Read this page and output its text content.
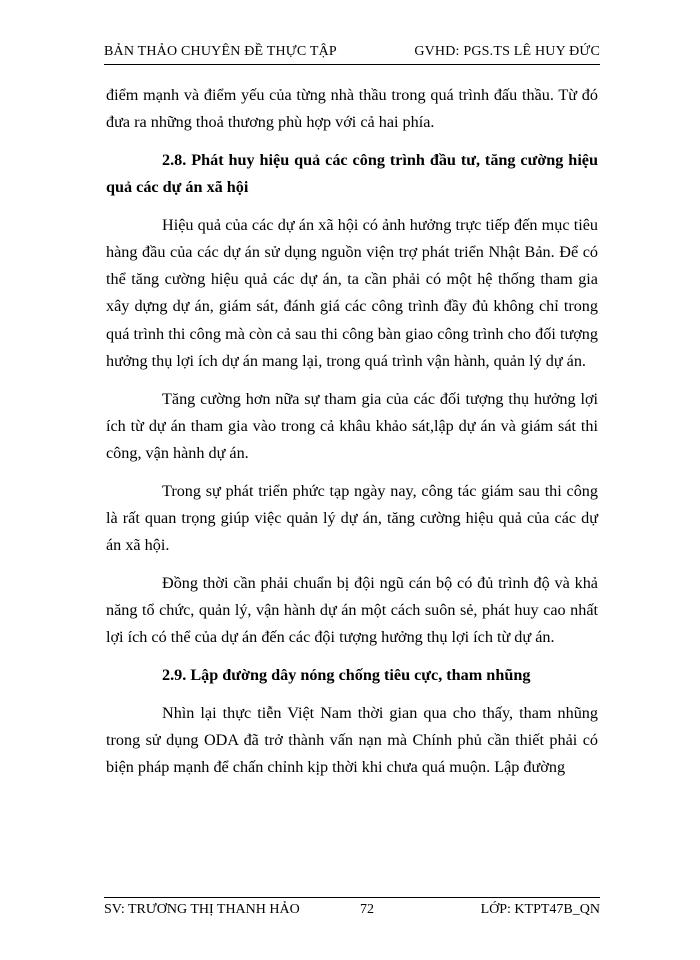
BẢN THẢO CHUYÊN ĐỀ THỰC TẬP	GVHD: PGS.TS LÊ HUY ĐỨC

điểm mạnh và điểm yếu của từng nhà thầu trong quá trình đấu thầu. Từ đó đưa ra những thoả thương phù hợp với cả hai phía.

2.8. Phát huy hiệu quả các công trình đầu tư, tăng cường hiệu quả các dự án xã hội

Hiệu quả của các dự án xã hội có ảnh hưởng trực tiếp đến mục tiêu hàng đầu của các dự án sử dụng nguồn viện trợ phát triển Nhật Bản. Để có thể tăng cường hiệu quả các dự án, ta cần phải có một hệ thống tham gia xây dựng dự án, giám sát, đánh giá các công trình đầy đủ không chỉ trong quá trình thi công mà còn cả sau thi công bàn giao công trình cho đối tượng hưởng thụ lợi ích dự án mang lại, trong quá trình vận hành, quản lý dự án.

Tăng cường hơn nữa sự tham gia của các đối tượng thụ hưởng lợi ích từ dự án tham gia vào trong cả khâu khảo sát,lập dự án và giám sát thi công, vận hành dự án.

Trong sự phát triển phức tạp ngày nay, công tác giám sau thi công là rất quan trọng giúp việc quản lý dự án, tăng cường hiệu quả của các dự án xã hội.

Đồng thời cần phải chuẩn bị đội ngũ cán bộ có đủ trình độ và khả năng tổ chức, quản lý, vận hành dự án một cách suôn sẻ, phát huy cao nhất lợi ích có thể của dự án đến các đội tượng hưởng thụ lợi ích từ dự án.

2.9. Lập đường dây nóng chống tiêu cực, tham nhũng

Nhìn lại thực tiễn Việt Nam thời gian qua cho thấy, tham nhũng trong sử dụng ODA đã trở thành vấn nạn mà Chính phủ cần thiết phải có biện pháp mạnh để chấn chỉnh kịp thời khi chưa quá muộn. Lập đường

SV: TRƯƠNG THỊ THANH HẢO	72	LỚP: KTPT47B_QN
